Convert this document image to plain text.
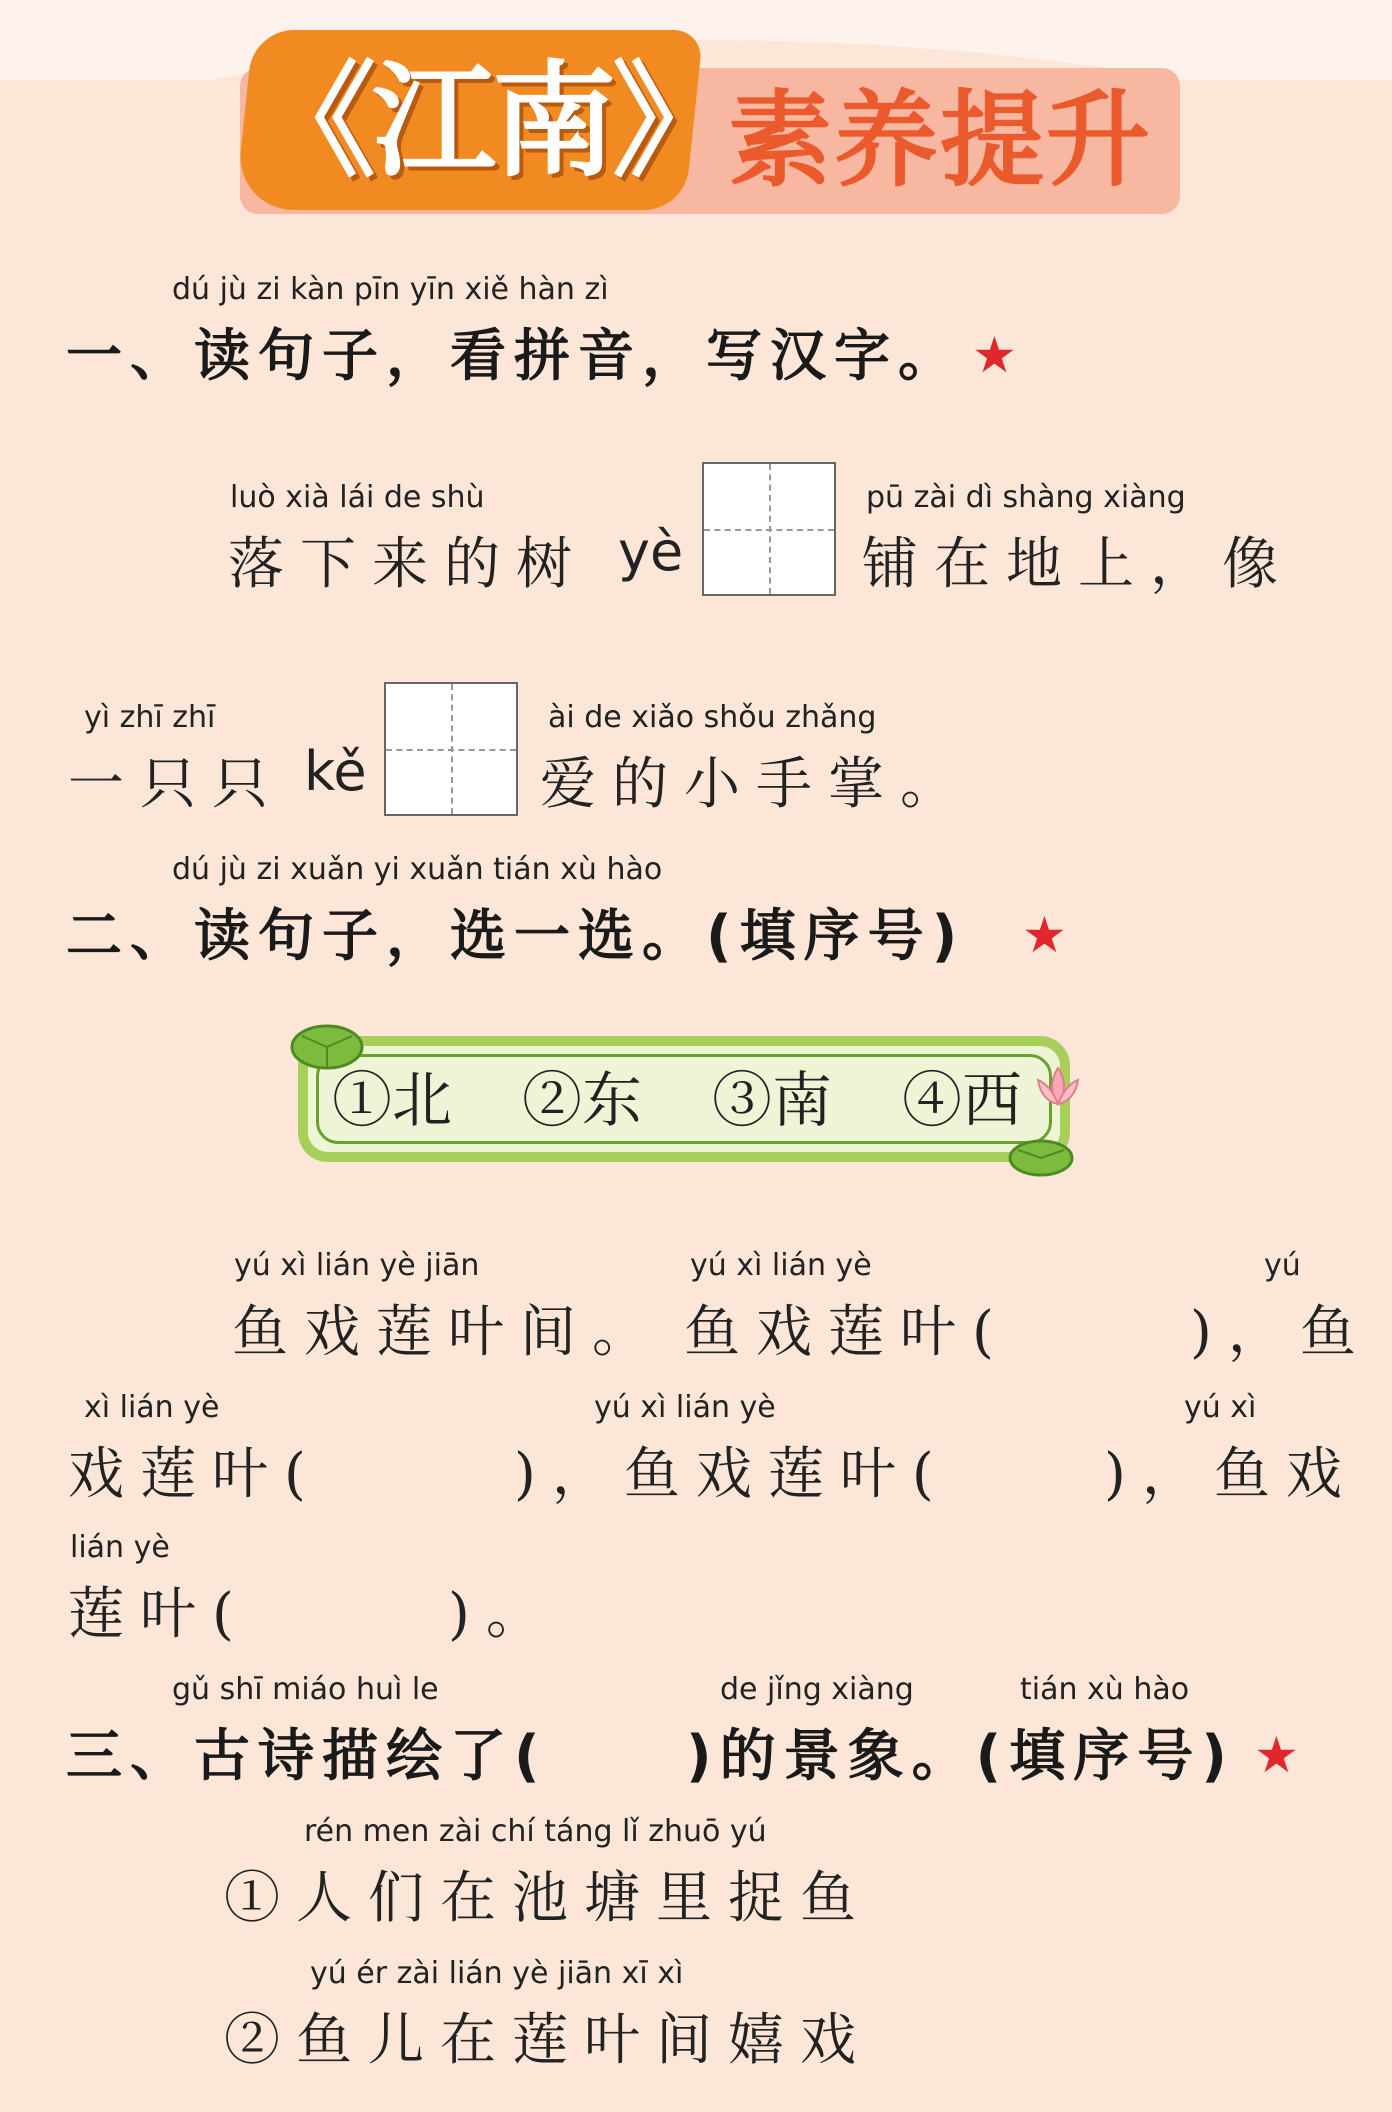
《江南》
素养提升
dú jù zi kàn pīn yīn xiě hàn zì
一、读句子，看拼音，写汉字。 ★
luò xià lái de shù
落下来的树 yè
pū zài dì shàng xiàng
铺在地上，像
yì zhī zhī
一只只 kě
ài de xiǎo shǒu zhǎng
爱的小手掌。
dú jù zi xuǎn yi xuǎn tián xù hào
二、读句子，选一选。(填序号) ★
①北 ②东 ③南 ④西
yú xì lián yè jiān
鱼戏莲叶间。
yú xì lián yè
鱼戏莲叶(
yú
)，鱼
xì lián yè
戏莲叶(
yú xì lián yè
)，鱼戏莲叶(
yú xì
)，鱼戏
lián yè
莲叶(	)。
gǔ shī miáo huì le
三、古诗描绘了(
de jǐng xiàng	tián xù hào
)的景象。(填序号) ★
rén men zài chí táng lǐ zhuō yú
①人们在池塘里捉鱼
yú ér zài lián yè jiān xī xì
②鱼儿在莲叶间嬉戏
